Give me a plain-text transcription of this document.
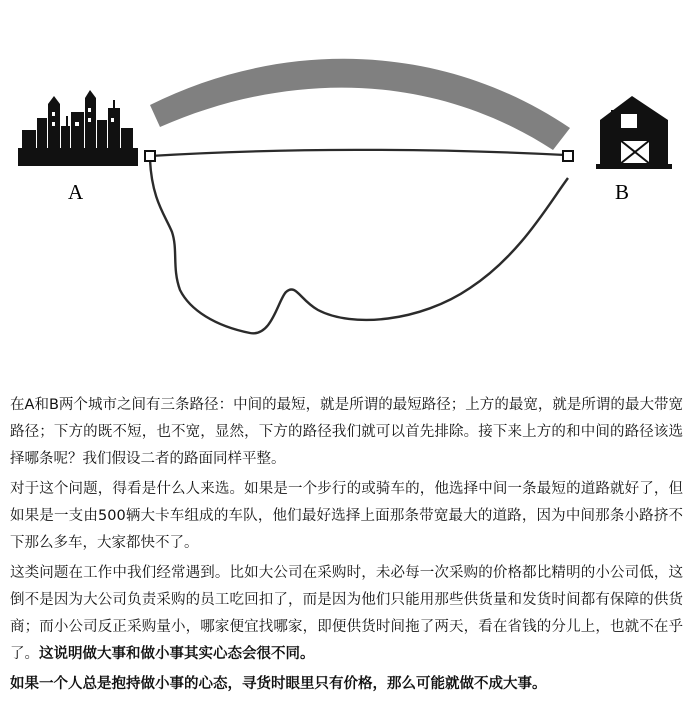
A	B

在A和B两个城市之间有三条路径：中间的最短，就是所谓的最短路径；上方的最宽，就是所谓的最大带宽路径；下方的既不短，也不宽，显然，下方的路径我们就可以首先排除。接下来上方的和中间的路径该选择哪条呢？我们假设二者的路面同样平整。

对于这个问题，得看是什么人来选。如果是一个步行的或骑车的，他选择中间一条最短的道路就好了，但如果是一支由500辆大卡车组成的车队，他们最好选择上面那条带宽最大的道路，因为中间那条小路挤不下那么多车，大家都快不了。

这类问题在工作中我们经常遇到。比如大公司在采购时，未必每一次采购的价格都比精明的小公司低，这倒不是因为大公司负责采购的员工吃回扣了，而是因为他们只能用那些供货量和发货时间都有保障的供货商；而小公司反正采购量小，哪家便宜找哪家，即便供货时间拖了两天，看在省钱的分儿上，也就不在乎了。这说明做大事和做小事其实心态会很不同。

如果一个人总是抱持做小事的心态，寻货时眼里只有价格，那么可能就做不成大事。
